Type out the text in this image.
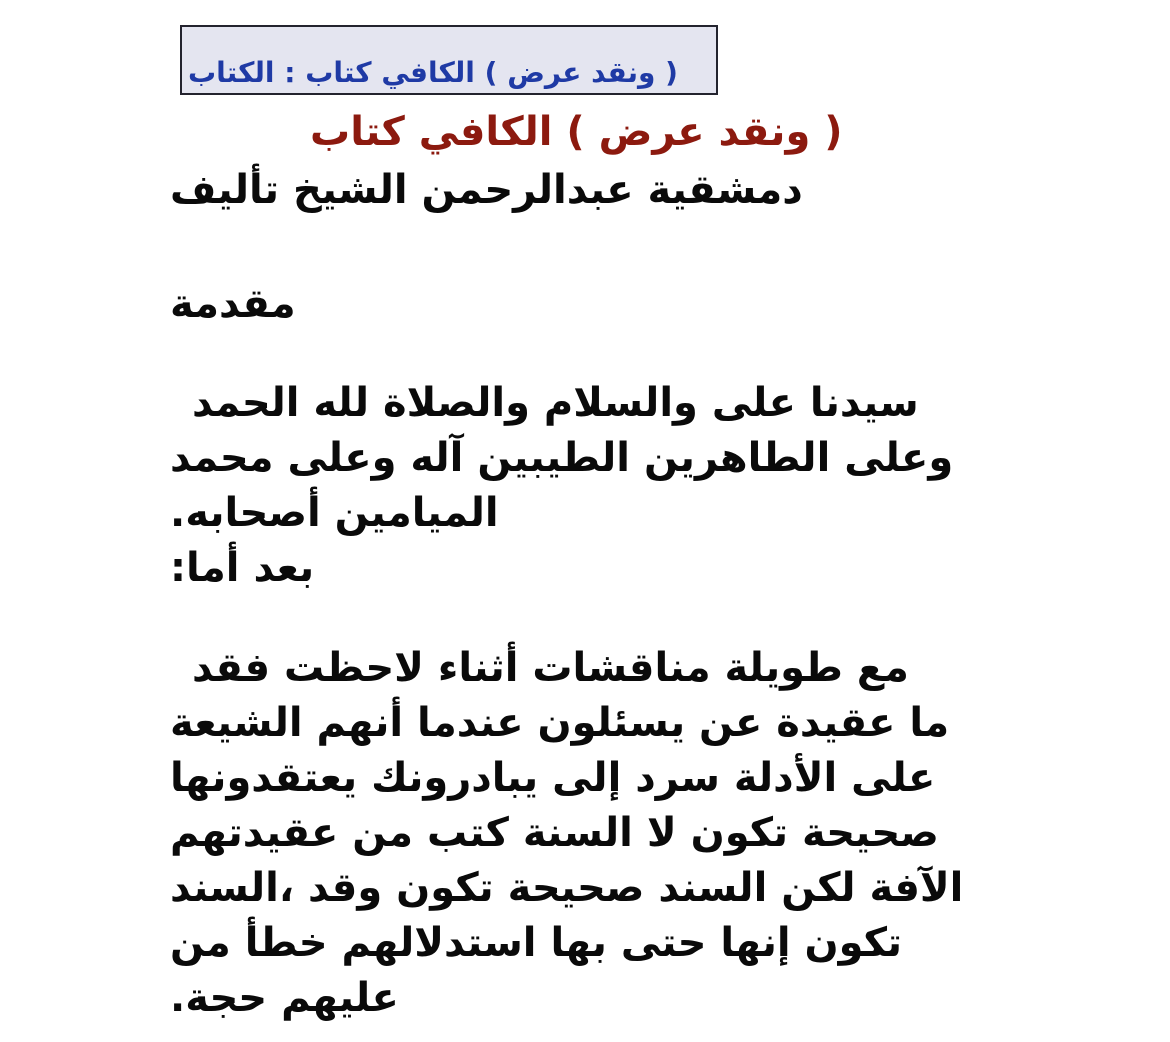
الكتاب : كتاب الكافي ( عرض ونقد )
كتاب الكافي ( عرض ونقد )
تأليف الشيخ عبدالرحمن دمشقية
مقدمة
الحمد لله والصلاة والسلام على سيدنا
محمد وعلى آله الطيبين الطاهرين وعلى
.أصحابه الميامين
:أما بعد
فقد لاحظت أثناء مناقشات طويلة مع
الشيعة أنهم عندما يسئلون عن عقيدة ما
يعتقدونها يبادرونك إلى سرد الأدلة على
عقيدتهم من كتب السنة لا تكون صحيحة
السند، وقد تكون صحيحة السند لكن الآفة
من خطأ استدلالهم بها حتى إنها تكون
.حجة عليهم
